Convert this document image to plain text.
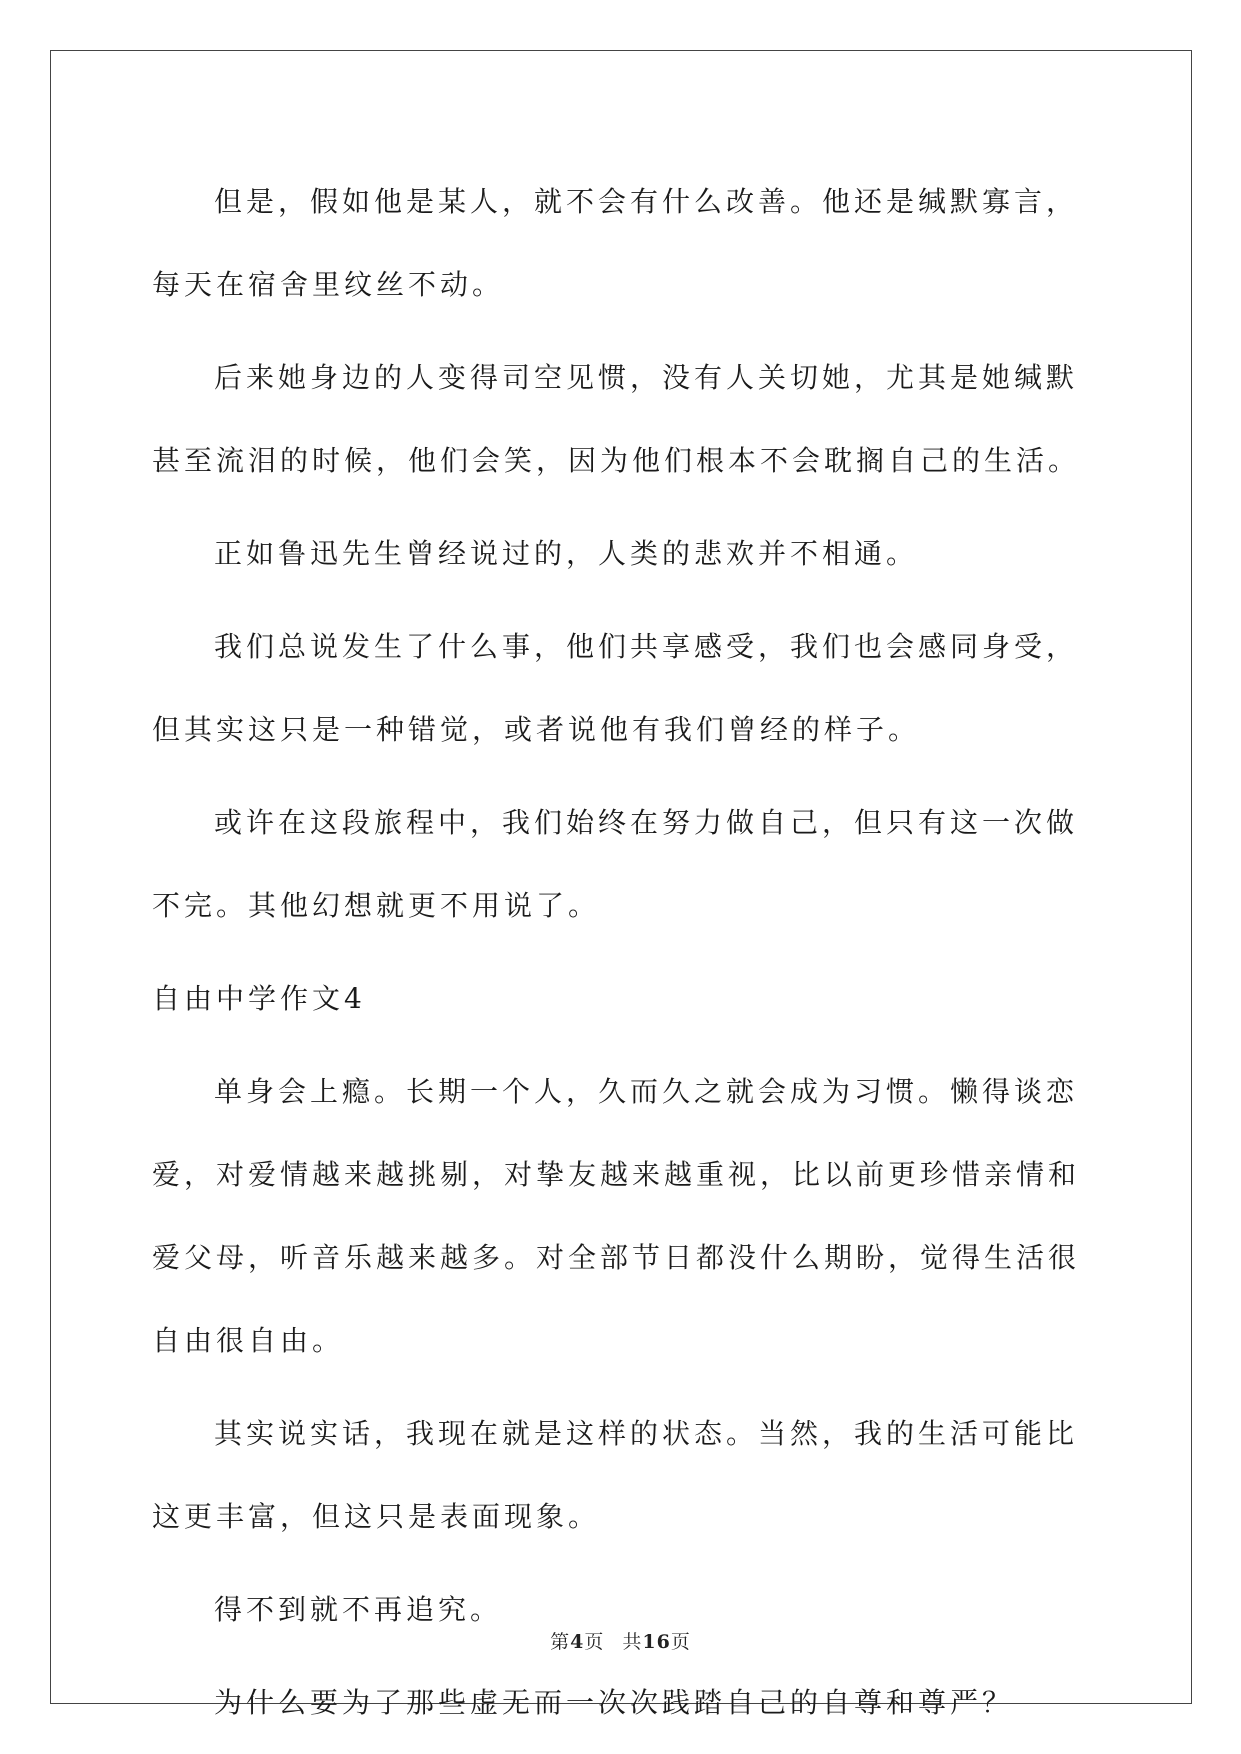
但是，假如他是某人，就不会有什么改善。他还是缄默寡言，每天在宿舍里纹丝不动。

后来她身边的人变得司空见惯，没有人关切她，尤其是她缄默甚至流泪的时候，他们会笑，因为他们根本不会耽搁自己的生活。

正如鲁迅先生曾经说过的，人类的悲欢并不相通。

我们总说发生了什么事，他们共享感受，我们也会感同身受，但其实这只是一种错觉，或者说他有我们曾经的样子。

或许在这段旅程中，我们始终在努力做自己，但只有这一次做不完。其他幻想就更不用说了。

自由中学作文4

单身会上瘾。长期一个人，久而久之就会成为习惯。懒得谈恋爱，对爱情越来越挑剔，对挚友越来越重视，比以前更珍惜亲情和爱父母，听音乐越来越多。对全部节日都没什么期盼，觉得生活很自由很自由。

其实说实话，我现在就是这样的状态。当然，我的生活可能比这更丰富，但这只是表面现象。

得不到就不再追究。

为什么要为了那些虚无而一次次践踏自己的自尊和尊严？

第4页 共16页
